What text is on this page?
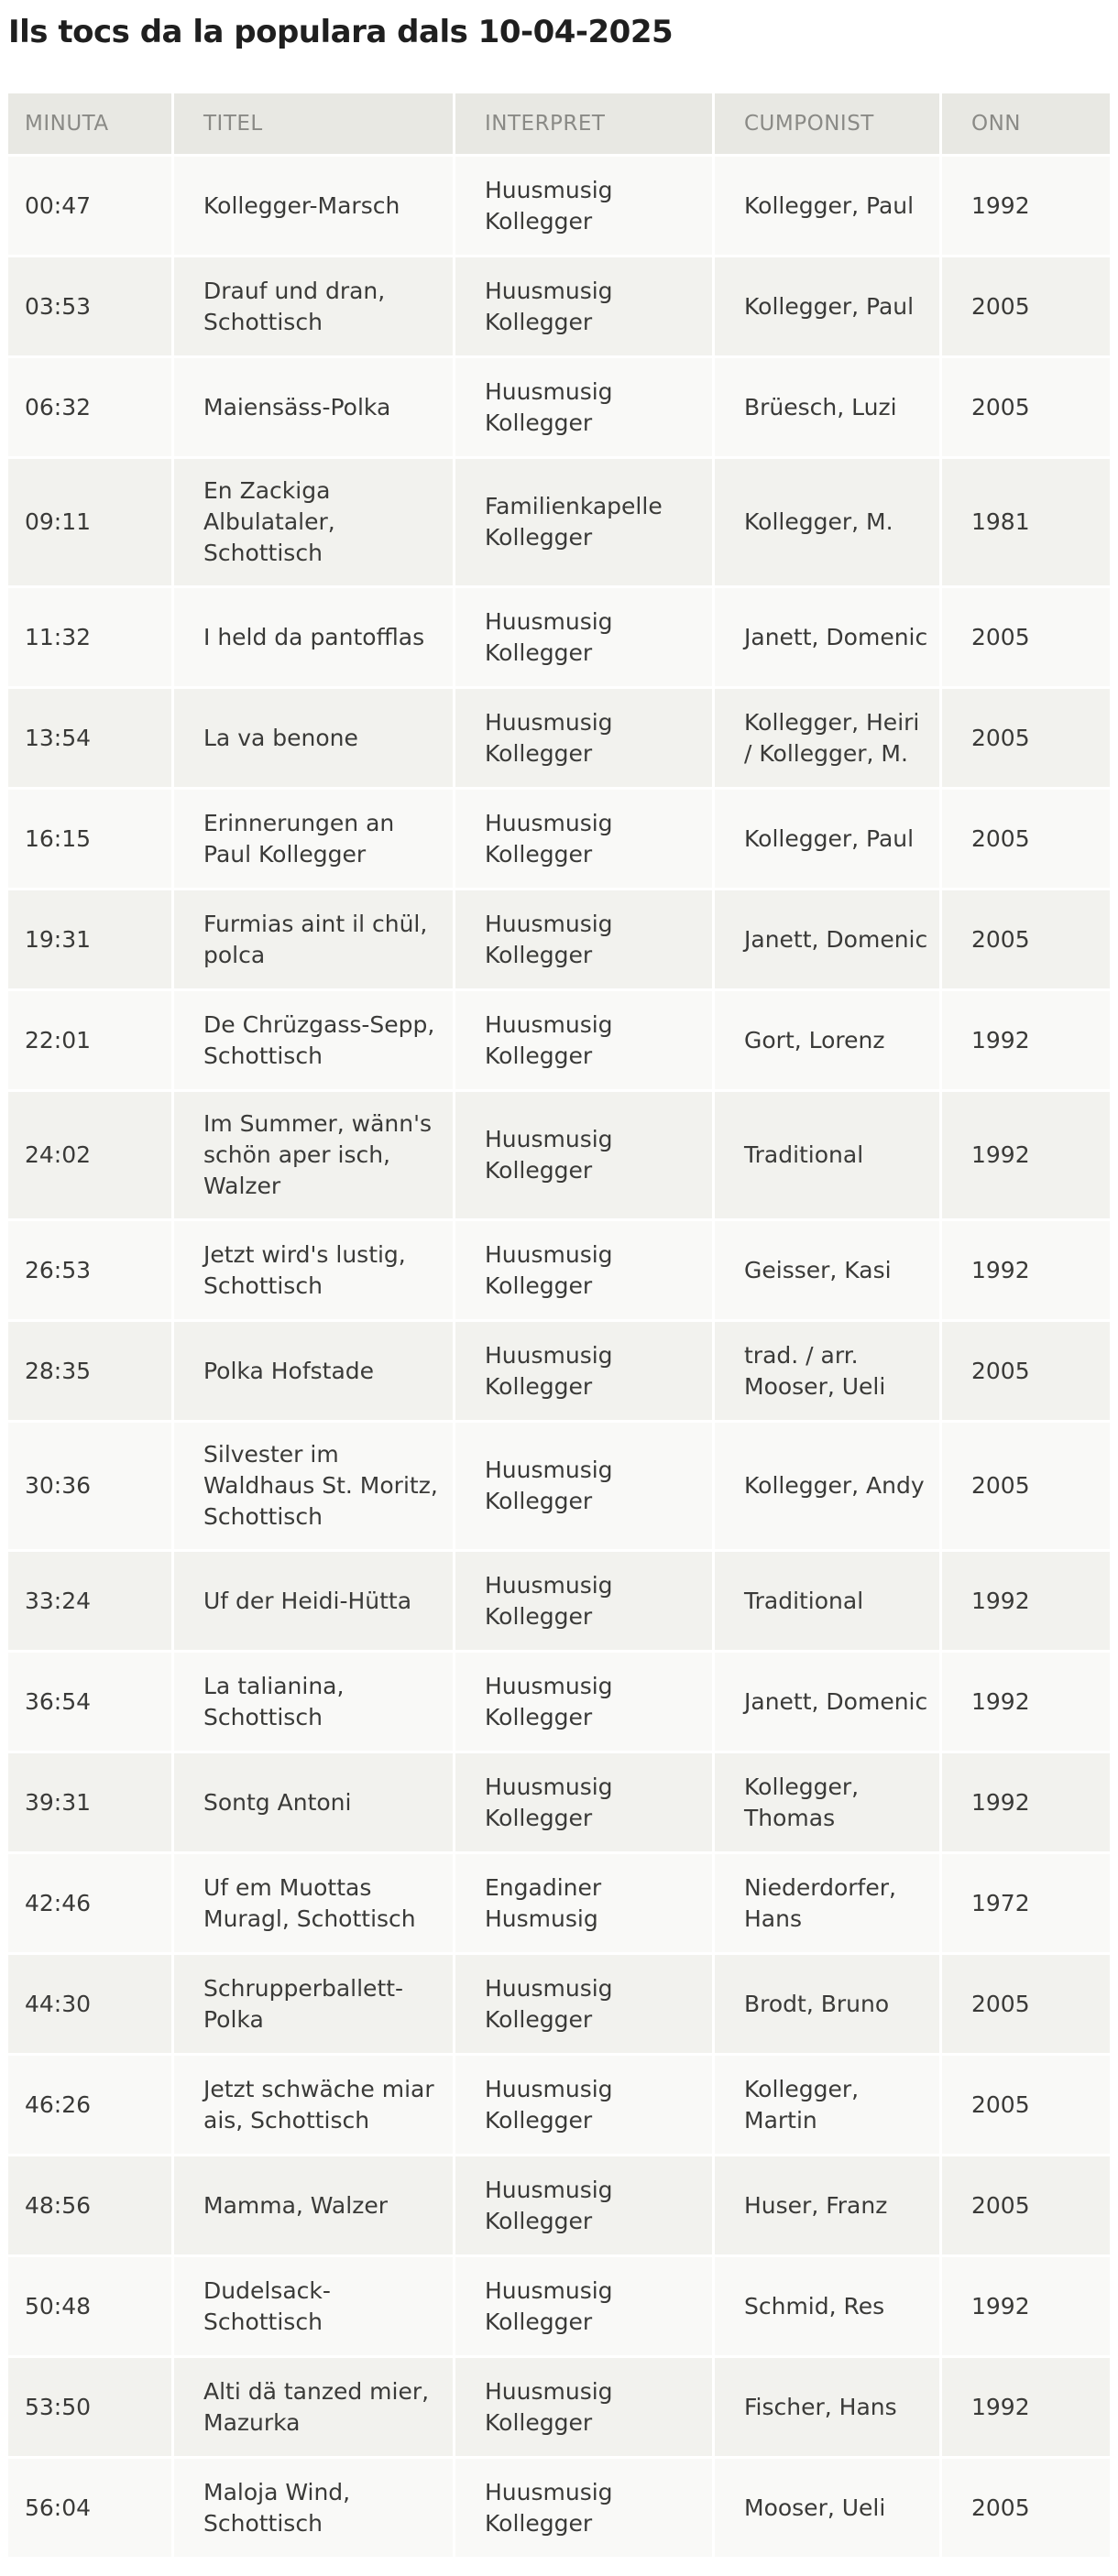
Ils tocs da la populara dals 10-04-2025
MINUTA	TITEL	INTERPRET	CUMPONIST	ONN
00:47	Kollegger-Marsch	Huusmusig Kollegger	Kollegger, Paul	1992
03:53	Drauf und dran, Schottisch	Huusmusig Kollegger	Kollegger, Paul	2005
06:32	Maiensäss-Polka	Huusmusig Kollegger	Brüesch, Luzi	2005
09:11	En Zackiga Albulataler, Schottisch	Familienkapelle Kollegger	Kollegger, M.	1981
11:32	I held da pantofflas	Huusmusig Kollegger	Janett, Domenic	2005
13:54	La va benone	Huusmusig Kollegger	Kollegger, Heiri / Kollegger, M.	2005
16:15	Erinnerungen an Paul Kollegger	Huusmusig Kollegger	Kollegger, Paul	2005
19:31	Furmias aint il chül, polca	Huusmusig Kollegger	Janett, Domenic	2005
22:01	De Chrüzgass-Sepp, Schottisch	Huusmusig Kollegger	Gort, Lorenz	1992
24:02	Im Summer, wänn's schön aper isch, Walzer	Huusmusig Kollegger	Traditional	1992
26:53	Jetzt wird's lustig, Schottisch	Huusmusig Kollegger	Geisser, Kasi	1992
28:35	Polka Hofstade	Huusmusig Kollegger	trad. / arr. Mooser, Ueli	2005
30:36	Silvester im Waldhaus St. Moritz, Schottisch	Huusmusig Kollegger	Kollegger, Andy	2005
33:24	Uf der Heidi-Hütta	Huusmusig Kollegger	Traditional	1992
36:54	La talianina, Schottisch	Huusmusig Kollegger	Janett, Domenic	1992
39:31	Sontg Antoni	Huusmusig Kollegger	Kollegger, Thomas	1992
42:46	Uf em Muottas Muragl, Schottisch	Engadiner Husmusig	Niederdorfer, Hans	1972
44:30	Schrupperballett-Polka	Huusmusig Kollegger	Brodt, Bruno	2005
46:26	Jetzt schwäche miar ais, Schottisch	Huusmusig Kollegger	Kollegger, Martin	2005
48:56	Mamma, Walzer	Huusmusig Kollegger	Huser, Franz	2005
50:48	Dudelsack-Schottisch	Huusmusig Kollegger	Schmid, Res	1992
53:50	Alti dä tanzed mier, Mazurka	Huusmusig Kollegger	Fischer, Hans	1992
56:04	Maloja Wind, Schottisch	Huusmusig Kollegger	Mooser, Ueli	2005
